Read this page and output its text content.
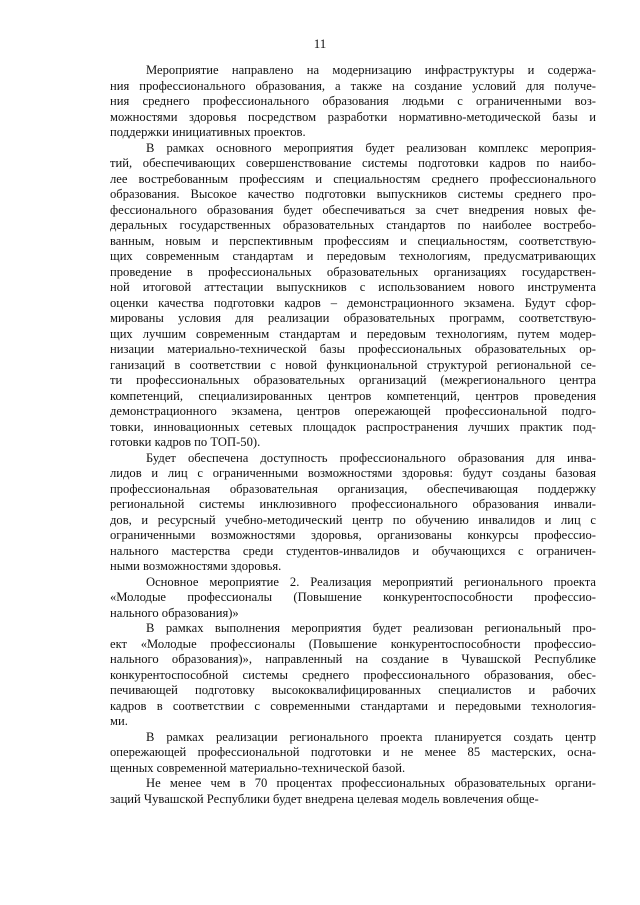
11

Мероприятие направлено на модернизацию инфраструктуры и содержа-
ния профессионального образования, а также на создание условий для получе-
ния среднего профессионального образования людьми с ограниченными воз-
можностями здоровья посредством разработки нормативно-методической базы и
поддержки инициативных проектов.

В рамках основного мероприятия будет реализован комплекс мероприя-
тий, обеспечивающих совершенствование системы подготовки кадров по наибо-
лее востребованным профессиям и специальностям среднего профессионального
образования. Высокое качество подготовки выпускников системы среднего про-
фессионального образования будет обеспечиваться за счет внедрения новых фе-
деральных государственных образовательных стандартов по наиболее востребо-
ванным, новым и перспективным профессиям и специальностям, соответствую-
щих современным стандартам и передовым технологиям, предусматривающих
проведение в профессиональных образовательных организациях государствен-
ной итоговой аттестации выпускников с использованием нового инструмента
оценки качества подготовки кадров – демонстрационного экзамена. Будут сфор-
мированы условия для реализации образовательных программ, соответствую-
щих лучшим современным стандартам и передовым технологиям, путем модер-
низации материально-технической базы профессиональных образовательных ор-
ганизаций в соответствии с новой функциональной структурой региональной се-
ти профессиональных образовательных организаций (межрегионального центра
компетенций, специализированных центров компетенций, центров проведения
демонстрационного экзамена, центров опережающей профессиональной подго-
товки, инновационных сетевых площадок распространения лучших практик под-
готовки кадров по ТОП-50).

Будет обеспечена доступность профессионального образования для инва-
лидов и лиц с ограниченными возможностями здоровья: будут созданы базовая
профессиональная образовательная организация, обеспечивающая поддержку
региональной системы инклюзивного профессионального образования инвали-
дов, и ресурсный учебно-методический центр по обучению инвалидов и лиц с
ограниченными возможностями здоровья, организованы конкурсы профессио-
нального мастерства среди студентов-инвалидов и обучающихся с ограничен-
ными возможностями здоровья.

Основное мероприятие 2. Реализация мероприятий регионального проекта
«Молодые профессионалы (Повышение конкурентоспособности профессио-
нального образования)»

В рамках выполнения мероприятия будет реализован региональный про-
ект «Молодые профессионалы (Повышение конкурентоспособности профессио-
нального образования)», направленный на создание в Чувашской Республике
конкурентоспособной системы среднего профессионального образования, обес-
печивающей подготовку высококвалифицированных специалистов и рабочих
кадров в соответствии с современными стандартами и передовыми технология-
ми.

В рамках реализации регионального проекта планируется создать центр
опережающей профессиональной подготовки и не менее 85 мастерских, осна-
щенных современной материально-технической базой.

Не менее чем в 70 процентах профессиональных образовательных органи-
заций Чувашской Республики будет внедрена целевая модель вовлечения обще-
